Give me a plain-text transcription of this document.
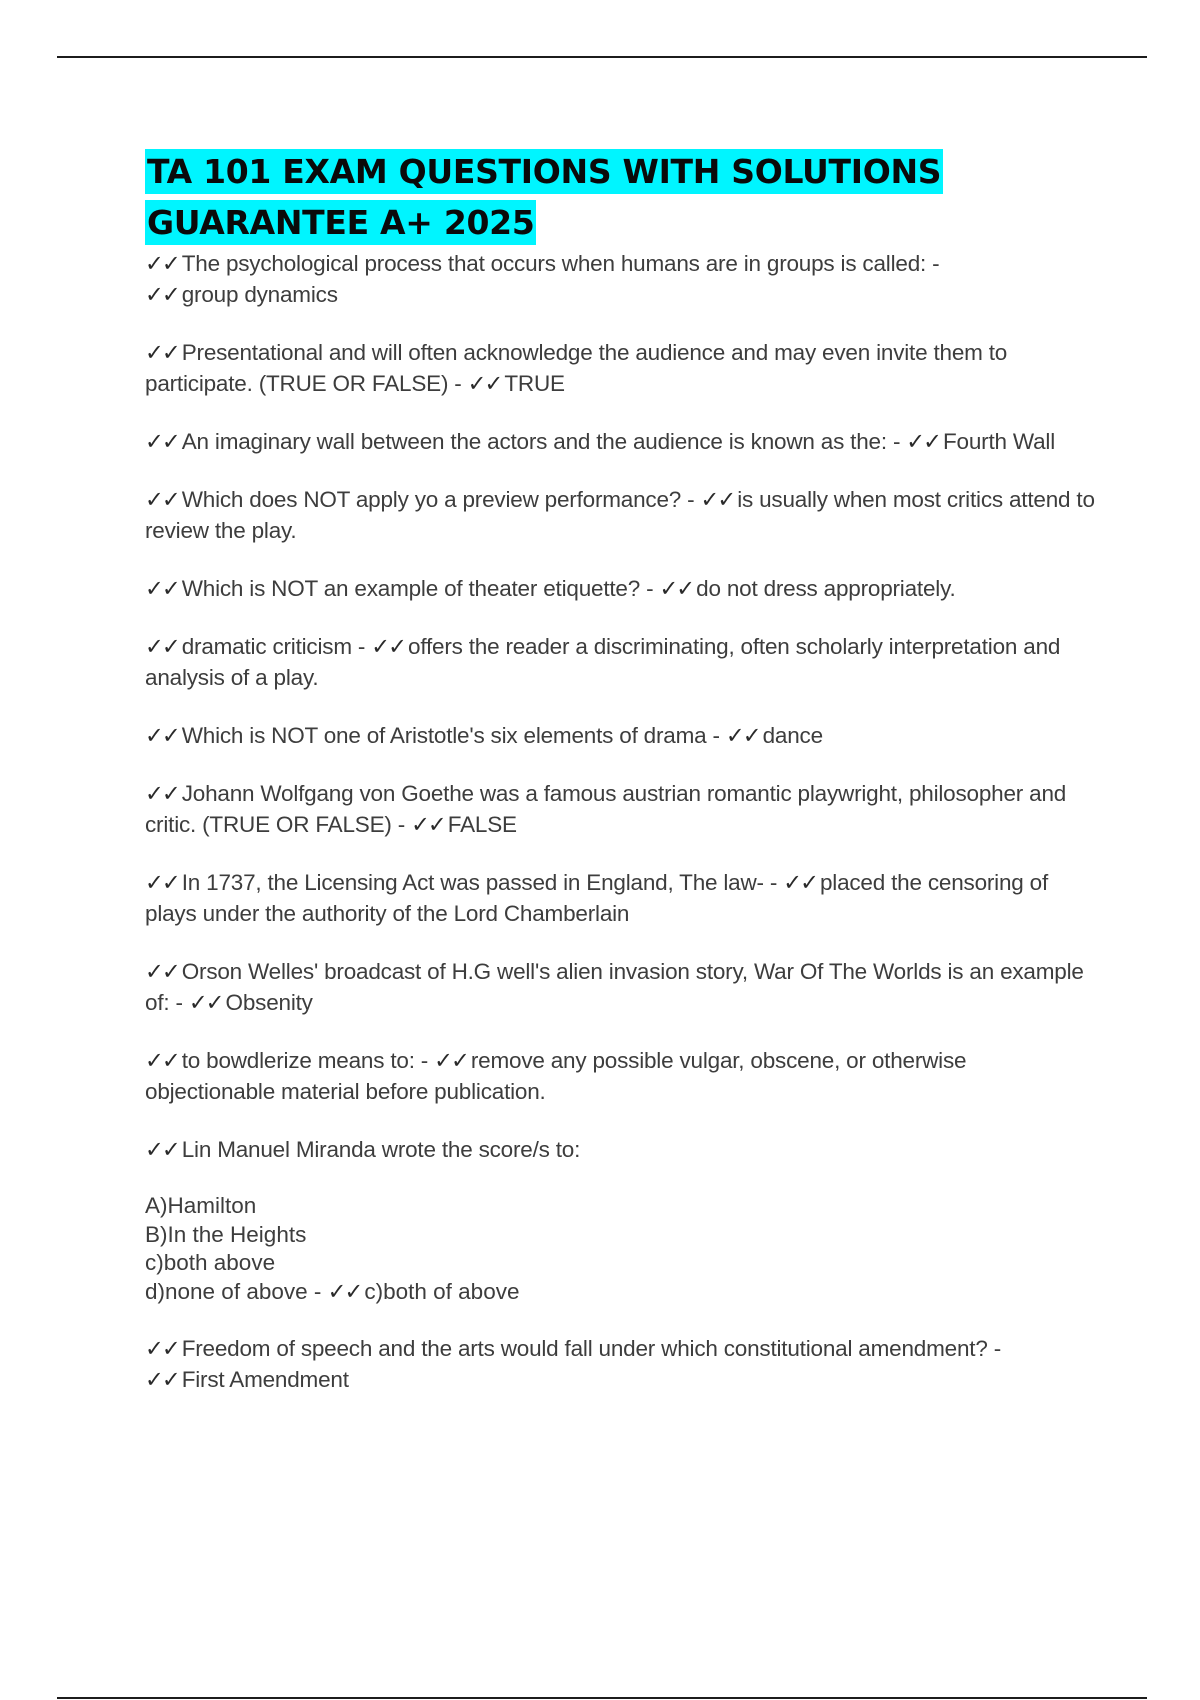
TA 101 EXAM QUESTIONS WITH SOLUTIONS
GUARANTEE A+ 2025

✓✓ The psychological process that occurs when humans are in groups is called: -
✓✓ group dynamics

✓✓ Presentational and will often acknowledge the audience and may even invite them to participate. (TRUE OR FALSE) - ✓✓ TRUE

✓✓ An imaginary wall between the actors and the audience is known as the: - ✓✓ Fourth Wall

✓✓ Which does NOT apply yo a preview performance? - ✓✓ is usually when most critics attend to review the play.

✓✓ Which is NOT an example of theater etiquette? - ✓✓ do not dress appropriately.

✓✓ dramatic criticism - ✓✓ offers the reader a discriminating, often scholarly interpretation and analysis of a play.

✓✓ Which is NOT one of Aristotle's six elements of drama - ✓✓ dance

✓✓ Johann Wolfgang von Goethe was a famous austrian romantic playwright, philosopher and critic. (TRUE OR FALSE) - ✓✓ FALSE

✓✓ In 1737, the Licensing Act was passed in England, The law- - ✓✓ placed the censoring of plays under the authority of the Lord Chamberlain

✓✓ Orson Welles' broadcast of H.G well's alien invasion story, War Of The Worlds is an example of: - ✓✓ Obsenity

✓✓ to bowdlerize means to: - ✓✓ remove any possible vulgar, obscene, or otherwise objectionable material before publication.

✓✓ Lin Manuel Miranda wrote the score/s to:

A)Hamilton
B)In the Heights
c)both above
d)none of above - ✓✓ c)both of above

✓✓ Freedom of speech and the arts would fall under which constitutional amendment? -
✓✓ First Amendment
